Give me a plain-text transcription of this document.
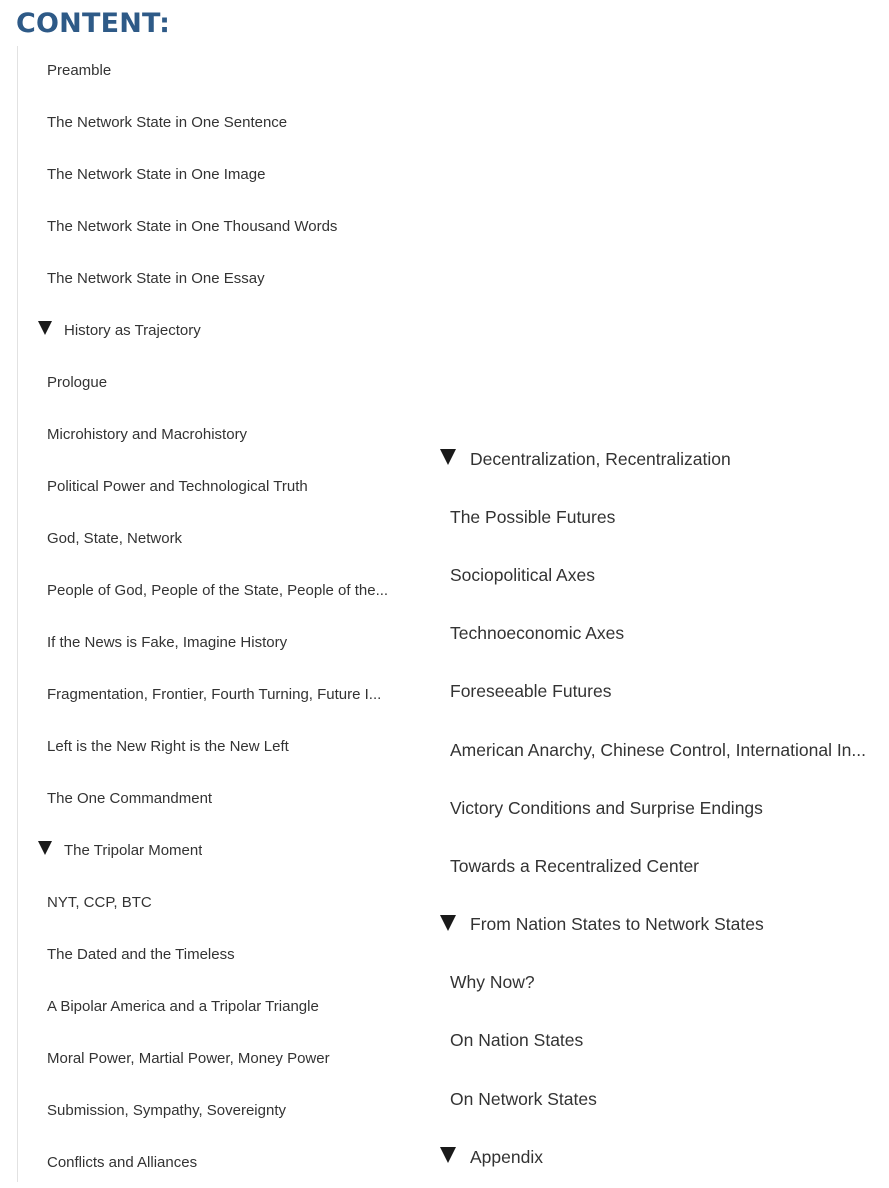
CONTENT:
Preamble
The Network State in One Sentence
The Network State in One Image
The Network State in One Thousand Words
The Network State in One Essay
History as Trajectory
Prologue
Microhistory and Macrohistory
Political Power and Technological Truth
God, State, Network
People of God, People of the State, People of the...
If the News is Fake, Imagine History
Fragmentation, Frontier, Fourth Turning, Future I...
Left is the New Right is the New Left
The One Commandment
The Tripolar Moment
NYT, CCP, BTC
The Dated and the Timeless
A Bipolar America and a Tripolar Triangle
Moral Power, Martial Power, Money Power
Submission, Sympathy, Sovereignty
Conflicts and Alliances
Decentralization, Recentralization
The Possible Futures
Sociopolitical Axes
Technoeconomic Axes
Foreseeable Futures
American Anarchy, Chinese Control, International In...
Victory Conditions and Surprise Endings
Towards a Recentralized Center
From Nation States to Network States
Why Now?
On Nation States
On Network States
Appendix
